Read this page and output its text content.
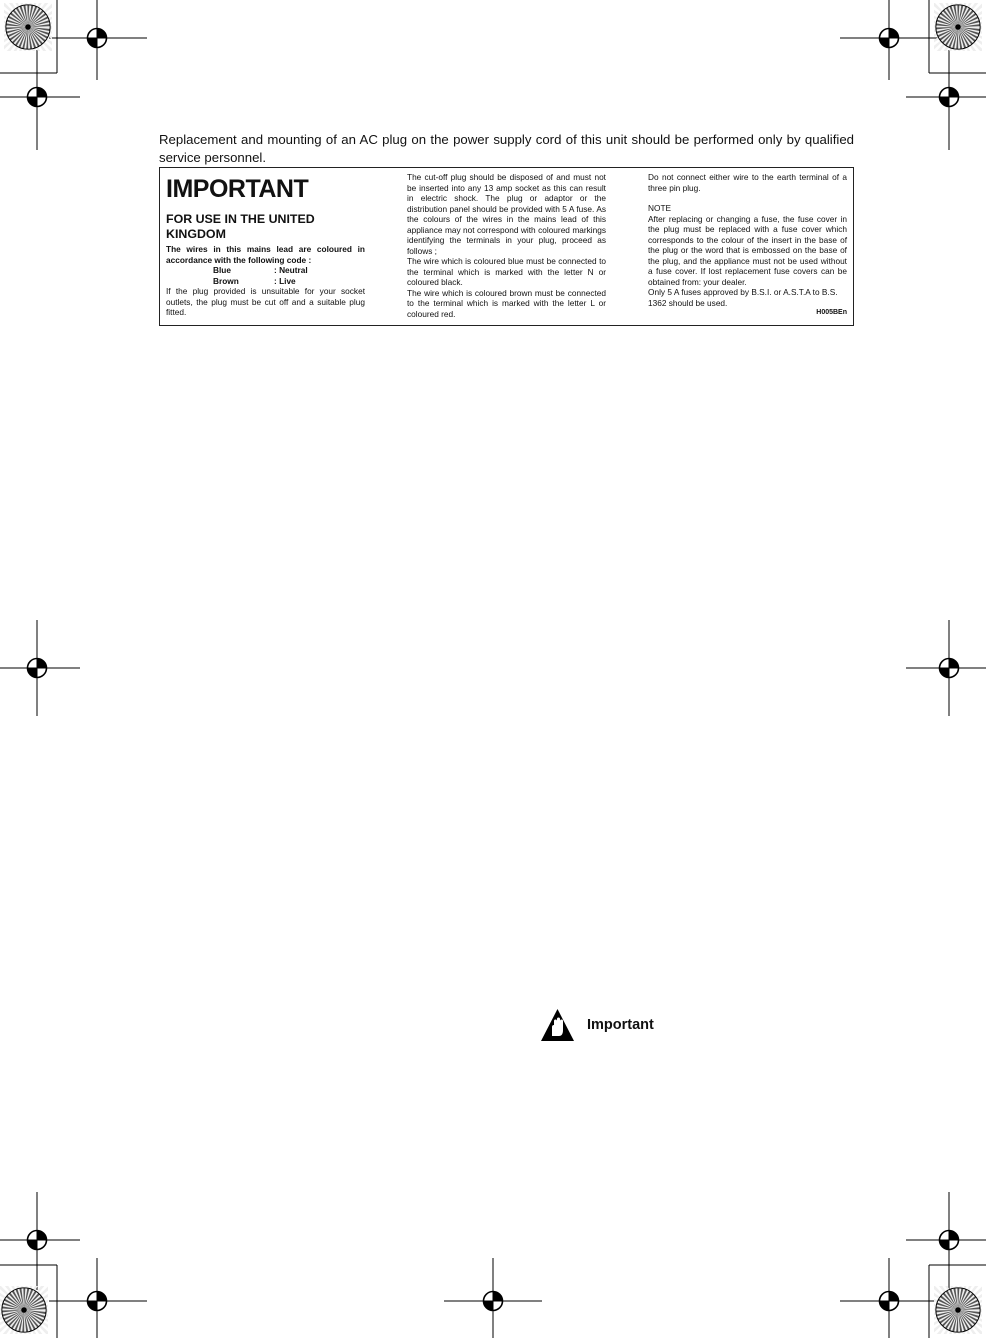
Replacement and mounting of an AC plug on the power supply cord of this unit should be performed only by qualified service personnel.
IMPORTANT
FOR USE IN THE UNITED KINGDOM
The wires in this mains lead are coloured in accordance with the following code :
Blue	: Neutral
Brown	: Live
If the plug provided is unsuitable for your socket outlets, the plug must be cut off and a suitable plug fitted.
The cut-off plug should be disposed of and must not be inserted into any 13 amp socket as this can result in electric shock. The plug or adaptor or the distribution panel should be provided with 5 A fuse. As the colours of the wires in the mains lead of this appliance may not correspond with coloured markings identifying the terminals in your plug, proceed as follows ;
The wire which is coloured blue must be connected to the terminal which is marked with the letter N or coloured black.
The wire which is coloured brown must be connected to the terminal which is marked with the letter L or coloured red.
Do not connect either wire to the earth terminal of a three pin plug.
NOTE
After replacing or changing a fuse, the fuse cover in the plug must be replaced with a fuse cover which corresponds to the colour of the insert in the base of the plug or the word that is embossed on the base of the plug, and the appliance must not be used without a fuse cover. If lost replacement fuse covers can be obtained from: your dealer.
Only 5 A fuses approved by B.S.I. or A.S.T.A to B.S. 1362 should be used.
H005BEn
Important
